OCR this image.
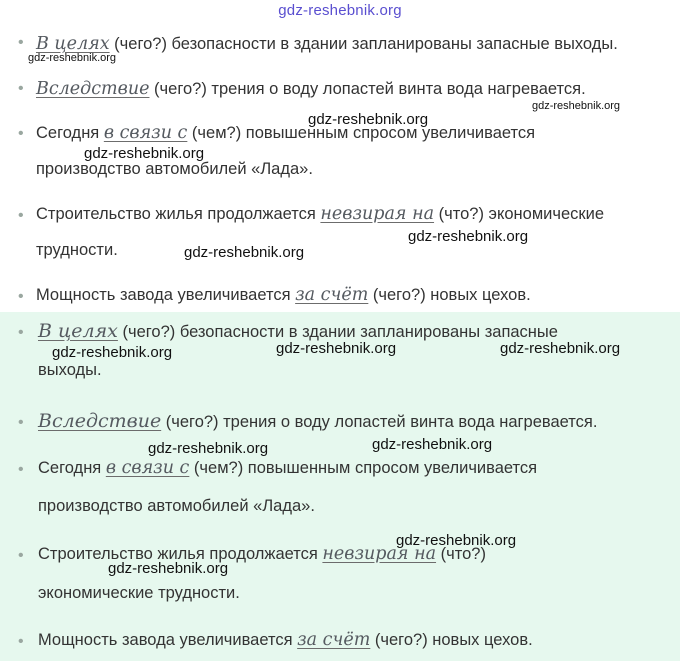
gdz-reshebnik.org
• В целях (чего?) безопасности в здании запланированы запасные выходы.
• Вследствие (чего?) трения о воду лопастей винта вода нагревается.
• Сегодня в связи с (чем?) повышенным спросом увеличивается
производство автомобилей «Лада».
• Строительство жилья продолжается невзирая на (что?) экономические
трудности.
• Мощность завода увеличивается за счёт (чего?) новых цехов.
• В целях (чего?) безопасности в здании запланированы запасные
выходы.
• Вследствие (чего?) трения о воду лопастей винта вода нагревается.
• Сегодня в связи с (чем?) повышенным спросом увеличивается
производство автомобилей «Лада».
• Строительство жилья продолжается невзирая на (что?)
экономические трудности.
• Мощность завода увеличивается за счёт (чего?) новых цехов.
gdz-reshebnik.org
gdz-reshebnik.org
gdz-reshebnik.org
gdz-reshebnik.org
gdz-reshebnik.org
gdz-reshebnik.org
gdz-reshebnik.org	gdz-reshebnik.org	gdz-reshebnik.org
gdz-reshebnik.org	gdz-reshebnik.org
gdz-reshebnik.org
gdz-reshebnik.org
